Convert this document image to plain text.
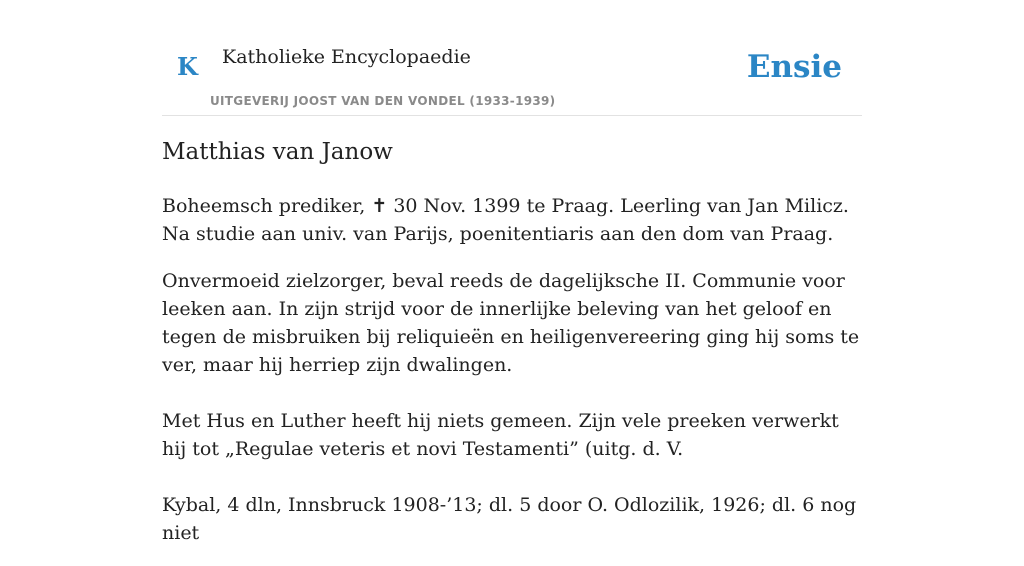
K Katholieke Encyclopaedie
UITGEVERIJ JOOST VAN DEN VONDEL (1933-1939)
Ensie
Matthias van Janow

Boheemsch prediker, ✝ 30 Nov. 1399 te Praag. Leerling van Jan Milicz. Na studie aan univ. van Parijs, poenitentiaris aan den dom van Praag.

Onvermoeid zielzorger, beval reeds de dagelijksche II. Communie voor leeken aan. In zijn strijd voor de innerlijke beleving van het geloof en tegen de misbruiken bij reliquieën en heiligenvereering ging hij soms te ver, maar hij herriep zijn dwalingen.

Met Hus en Luther heeft hij niets gemeen. Zijn vele preeken verwerkt hij tot „Regulae veteris et novi Testamenti” (uitg. d. V.

Kybal, 4 dln, Innsbruck 1908-’13; dl. 5 door O. Odlozilik, 1926; dl. 6 nog niet
